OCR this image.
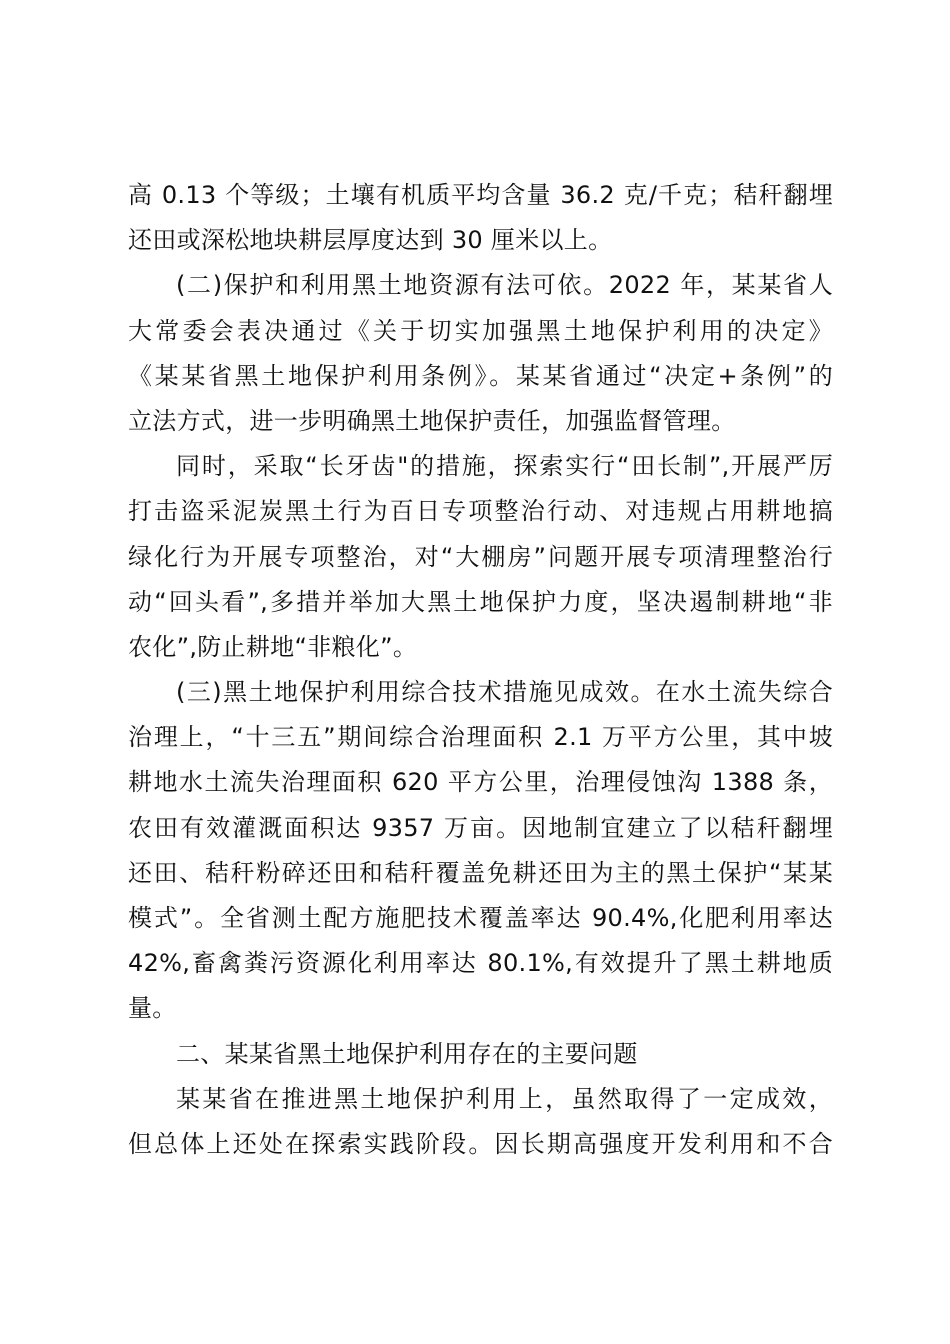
高 0.13 个等级；土壤有机质平均含量 36.2 克/千克；秸秆翻埋
还田或深松地块耕层厚度达到 30 厘米以上。
(二)保护和利用黑土地资源有法可依。2022 年，某某省人
大常委会表决通过《关于切实加强黑土地保护利用的决定》
《某某省黑土地保护利用条例》。某某省通过“决定+条例”的
立法方式，进一步明确黑土地保护责任，加强监督管理。
同时，采取“长牙齿"的措施，探索实行“田长制”,开展严厉
打击盗采泥炭黑土行为百日专项整治行动、对违规占用耕地搞
绿化行为开展专项整治，对“大棚房”问题开展专项清理整治行
动“回头看”,多措并举加大黑土地保护力度，坚决遏制耕地“非
农化”,防止耕地“非粮化”。
(三)黑土地保护利用综合技术措施见成效。在水土流失综合
治理上，“十三五”期间综合治理面积 2.1 万平方公里，其中坡
耕地水土流失治理面积 620 平方公里，治理侵蚀沟 1388 条，
农田有效灌溉面积达 9357 万亩。因地制宜建立了以秸秆翻埋
还田、秸秆粉碎还田和秸秆覆盖免耕还田为主的黑土保护“某某
模式”。全省测土配方施肥技术覆盖率达 90.4%,化肥利用率达
42%,畜禽粪污资源化利用率达 80.1%,有效提升了黑土耕地质
量。
二、某某省黑土地保护利用存在的主要问题
某某省在推进黑土地保护利用上，虽然取得了一定成效，
但总体上还处在探索实践阶段。因长期高强度开发利用和不合
